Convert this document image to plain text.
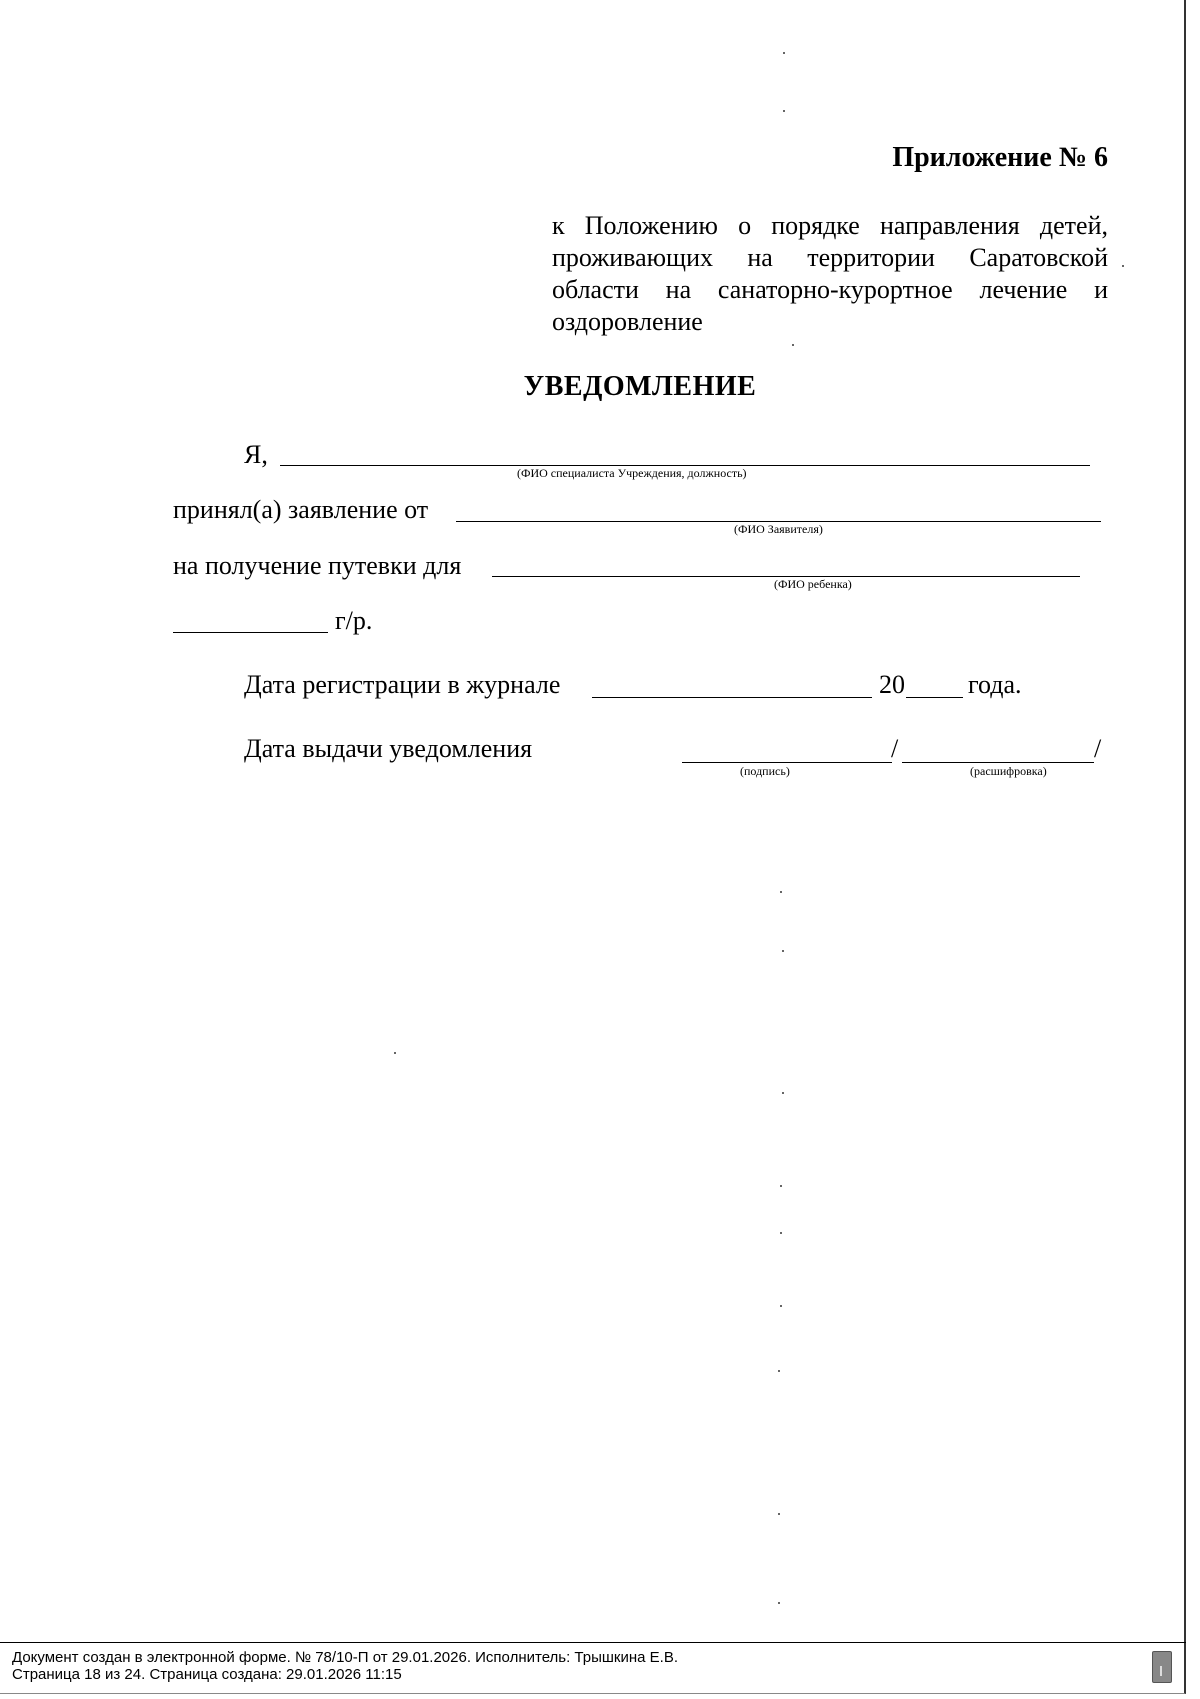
Приложение № 6
к Положению о порядке направления детей, проживающих на территории Саратовской области на санаторно-курортное лечение и оздоровление
УВЕДОМЛЕНИЕ
Я,
(ФИО специалиста Учреждения, должность)
принял(а) заявление от
(ФИО Заявителя)
на получение путевки для
(ФИО ребенка)
г/р.
Дата регистрации в журнале	20 года.
Дата выдачи уведомления	/	/
(подпись)	(расшифровка)
Документ создан в электронной форме. № 78/10-П от 29.01.2026. Исполнитель: Трышкина Е.В.
Страница 18 из 24. Страница создана: 29.01.2026 11:15
